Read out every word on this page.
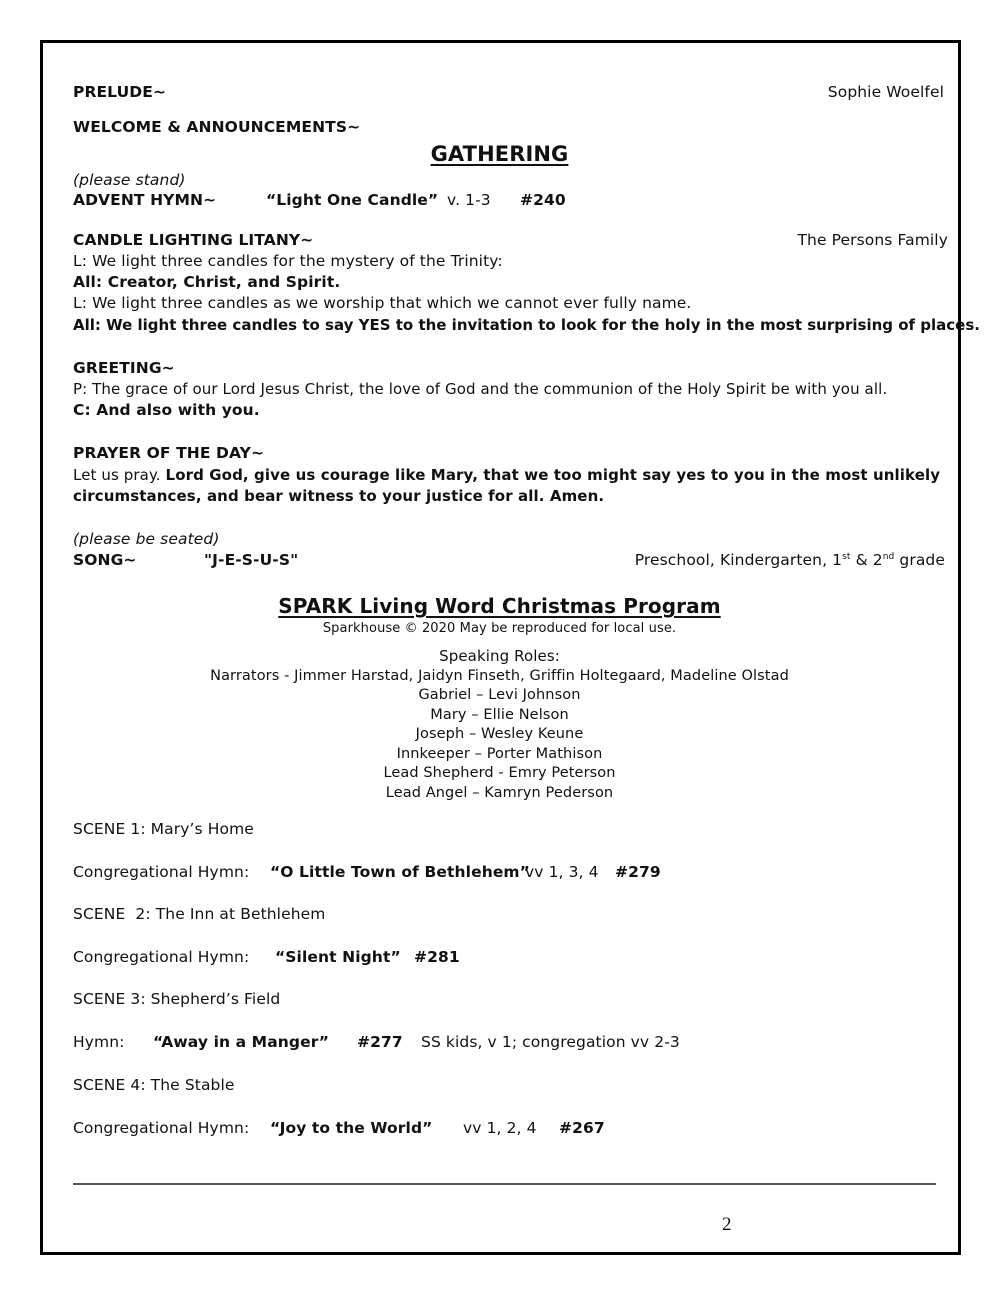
PRELUDE~	Sophie Woelfel
WELCOME & ANNOUNCEMENTS~
GATHERING
(please stand)
ADVENT HYMN~	“Light One Candle” v. 1-3 #240
CANDLE LIGHTING LITANY~	The Persons Family
L: We light three candles for the mystery of the Trinity:
All: Creator, Christ, and Spirit.
L: We light three candles as we worship that which we cannot ever fully name.
All: We light three candles to say YES to the invitation to look for the holy in the most surprising of places.
GREETING~
P: The grace of our Lord Jesus Christ, the love of God and the communion of the Holy Spirit be with you all.
C: And also with you.
PRAYER OF THE DAY~
Let us pray. Lord God, give us courage like Mary, that we too might say yes to you in the most unlikely
circumstances, and bear witness to your justice for all. Amen.
(please be seated)
SONG~	"J-E-S-U-S"	Preschool, Kindergarten, 1st & 2nd grade
SPARK Living Word Christmas Program
Sparkhouse © 2020 May be reproduced for local use.
Speaking Roles:
Narrators - Jimmer Harstad, Jaidyn Finseth, Griffin Holtegaard, Madeline Olstad
Gabriel – Levi Johnson
Mary – Ellie Nelson
Joseph – Wesley Keune
Innkeeper – Porter Mathison
Lead Shepherd - Emry Peterson
Lead Angel – Kamryn Pederson
SCENE 1: Mary’s Home
Congregational Hymn: “O Little Town of Bethlehem”
vv 1, 3, 4 #279
SCENE  2: The Inn at Bethlehem
Congregational Hymn: “Silent Night” #281
SCENE 3: Shepherd’s Field
Hymn: “Away in a Manger” #277 SS kids, v 1; congregation vv 2-3
SCENE 4: The Stable
Congregational Hymn: “Joy to the World” vv 1, 2, 4 #267
2
